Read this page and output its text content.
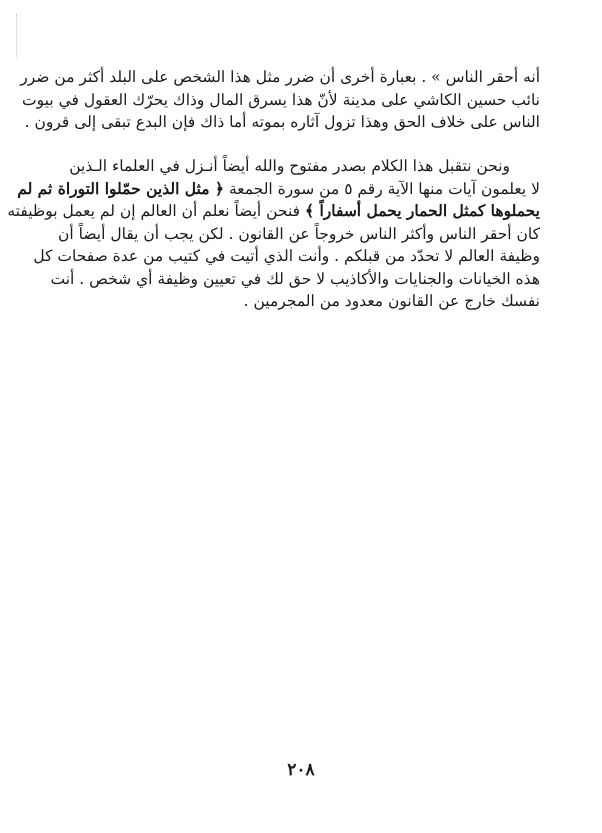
أنه أحقر الناس » . بعبارة أخرى أن ضرر مثل هذا الشخص على البلد أكثر من ضرر
نائب حسين الكاشي على مدينة لأنّ هذا يسرق المال وذاك يحرّك العقول في بيوت
الناس على خلاف الحق وهذا تزول آثاره بموته أما ذاك فإن البدع تبقى إلى قرون .
ونحن نتقبل هذا الكلام بصدر مفتوح والله أيضاً أنـزل في العلماء الـذين
لا يعلمون آيات منها الآية رقم ٥ من سورة الجمعة ﴿ مثل الذين حمّلوا التوراة ثم لم
يحملوها كمثل الحمار يحمل أسفاراً ﴾ فنحن أيضاً نعلم أن العالم إن لم يعمل بوظيفته
كان أحقر الناس وأكثر الناس خروجاً عن القانون . لكن يجب أن يقال أيضاً أن
وظيفة العالم لا تحدّد من قبلكم . وأنت الذي أتيت في كتيب من عدة صفحات كل
هذه الخيانات والجنايات والأكاذيب لا حق لك في تعيين وظيفة أي شخص . أنت
نفسك خارج عن القانون معدود من المجرمين .
٢٠٨
